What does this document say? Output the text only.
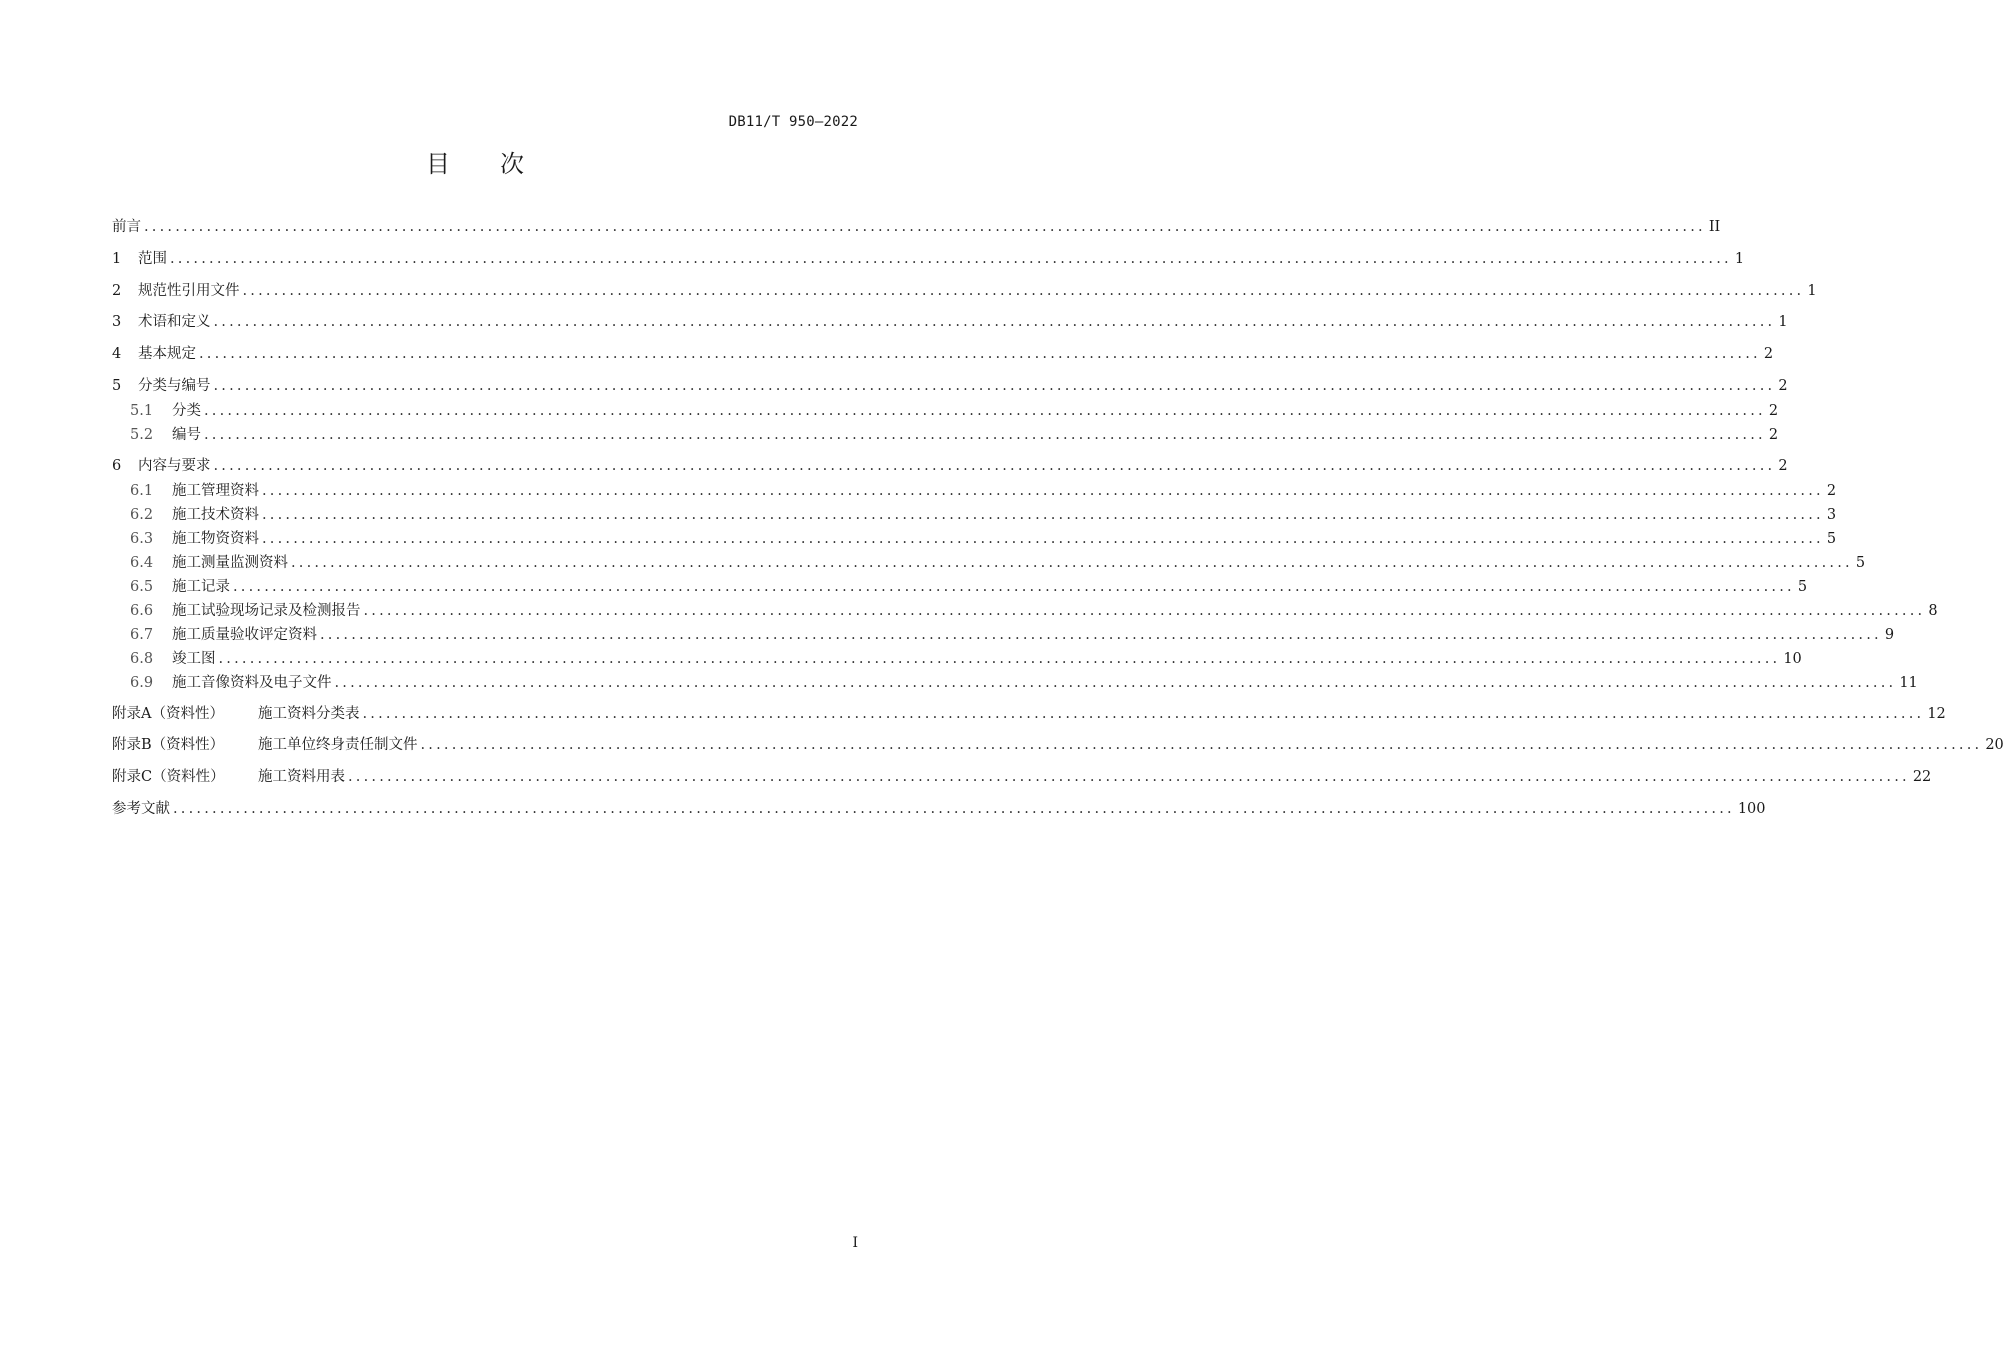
DB11/T 950—2022
目次
前言 ........................................................................................................................................................................................................ II
1	范围 ........................................................................................................................................................................................................ 1
2	规范性引用文件 ........................................................................................................................................................................................................ 1
3	术语和定义 ........................................................................................................................................................................................................ 1
4	基本规定 ........................................................................................................................................................................................................ 2
5	分类与编号 ........................................................................................................................................................................................................ 2
5.1	分类 ........................................................................................................................................................................................................ 2
5.2	编号 ........................................................................................................................................................................................................ 2
6	内容与要求 ........................................................................................................................................................................................................ 2
6.1	施工管理资料 ........................................................................................................................................................................................................ 2
6.2	施工技术资料 ........................................................................................................................................................................................................ 3
6.3	施工物资资料 ........................................................................................................................................................................................................ 5
6.4	施工测量监测资料 ........................................................................................................................................................................................................ 5
6.5	施工记录 ........................................................................................................................................................................................................ 5
6.6	施工试验现场记录及检测报告 ........................................................................................................................................................................................................ 8
6.7	施工质量验收评定资料 ........................................................................................................................................................................................................ 9
6.8	竣工图 ........................................................................................................................................................................................................ 10
6.9	施工音像资料及电子文件 ........................................................................................................................................................................................................ 11
附录A（资料性）	施工资料分类表 ........................................................................................................................................................................................................ 12
附录B（资料性）	施工单位终身责任制文件 ........................................................................................................................................................................................................ 20
附录C（资料性）	施工资料用表 ........................................................................................................................................................................................................ 22
参考文献 ........................................................................................................................................................................................................ 100
I
